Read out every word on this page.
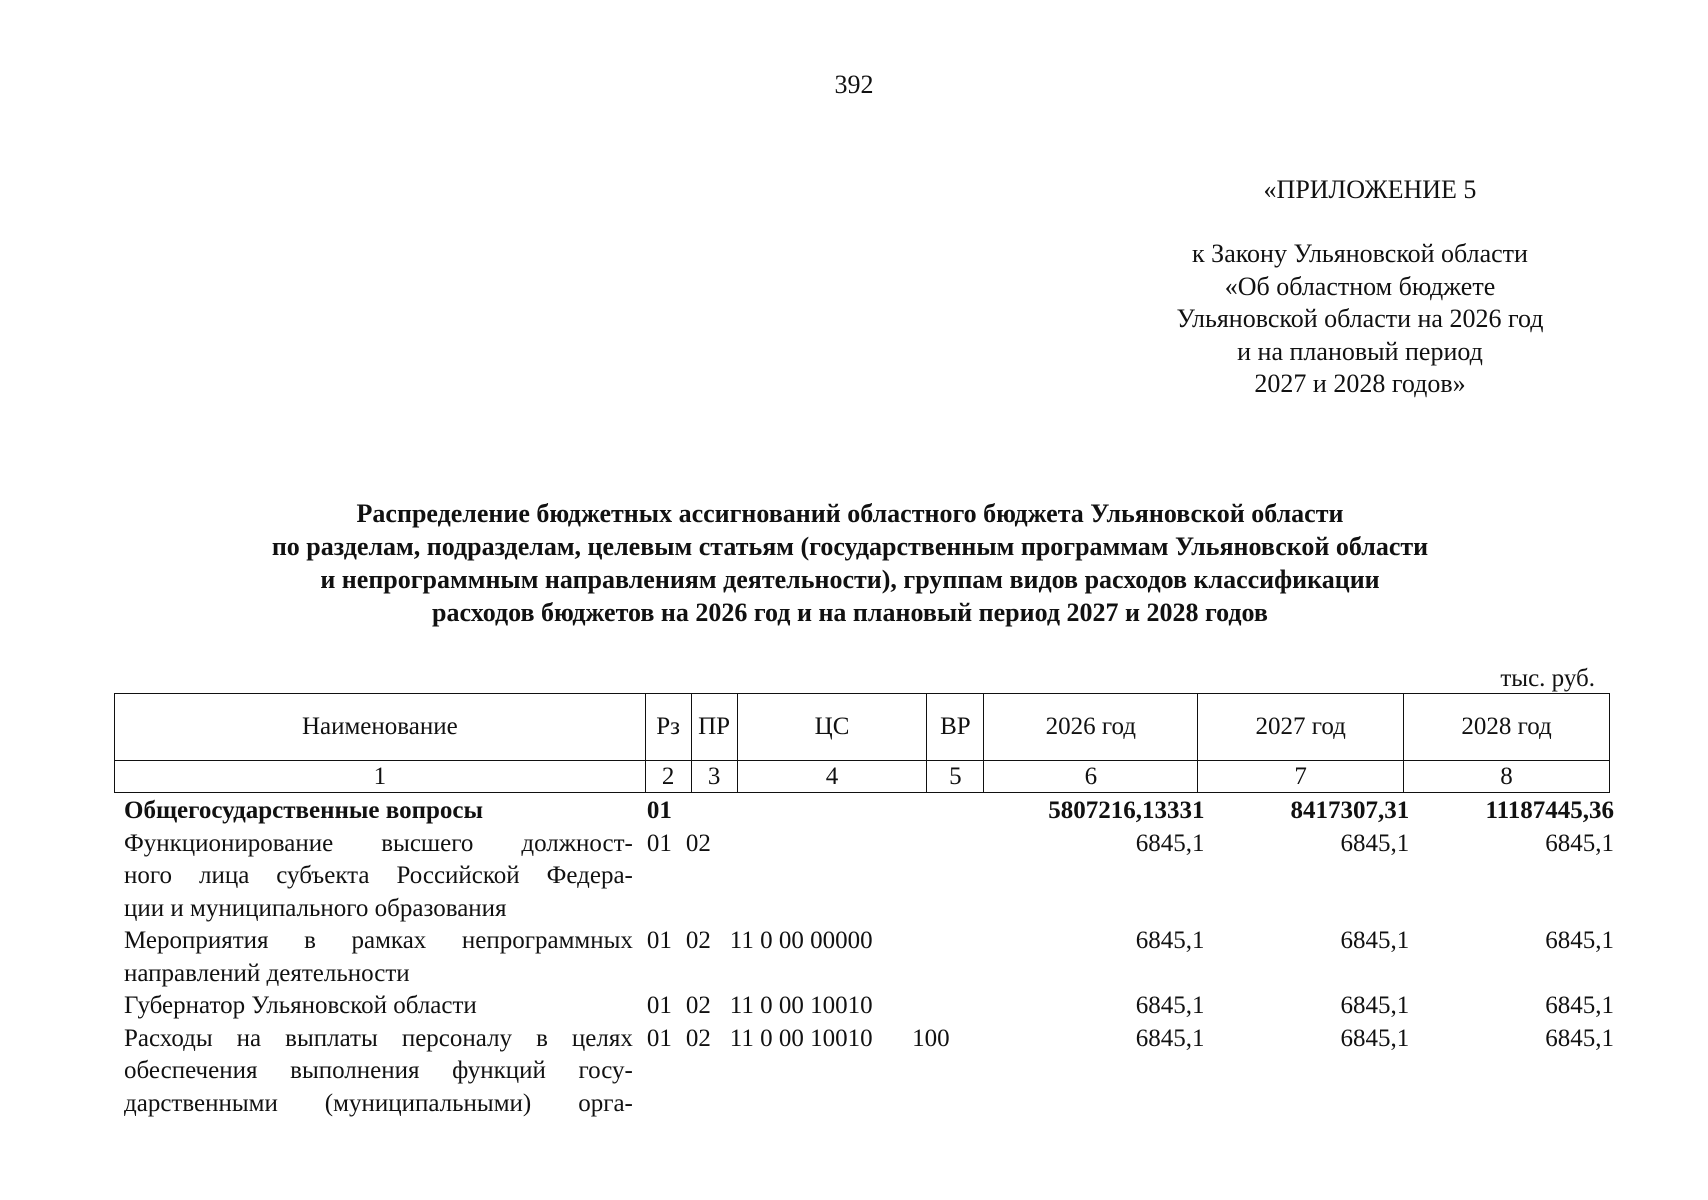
392
«ПРИЛОЖЕНИЕ 5
к Закону Ульяновской области
«Об областном бюджете
Ульяновской области на 2026 год
и на плановый период
2027 и 2028 годов»
Распределение бюджетных ассигнований областного бюджета Ульяновской области
по разделам, подразделам, целевым статьям (государственным программам Ульяновской области
и непрограммным направлениям деятельности), группам видов расходов классификации
расходов бюджетов на 2026 год и на плановый период 2027 и 2028 годов
тыс. руб.
Наименование	Рз	ПР	ЦС	ВР	2026 год	2027 год	2028 год
1	2	3	4	5	6	7	8
Общегосударственные вопросы	01	5807216,13331	8417307,31	11187445,36
Функционирование высшего должност-
ного лица субъекта Российской Федера-
ции и муниципального образования
01 02	6845,1	6845,1	6845,1
Мероприятия в рамках непрограммных
направлений деятельности
01 02 11 0 00 00000	6845,1	6845,1	6845,1
Губернатор Ульяновской области	01 02 11 0 00 10010	6845,1	6845,1	6845,1
Расходы на выплаты персоналу в целях
обеспечения выполнения функций госу-
дарственными (муниципальными) орга-
01 02 11 0 00 10010	100	6845,1	6845,1	6845,1
